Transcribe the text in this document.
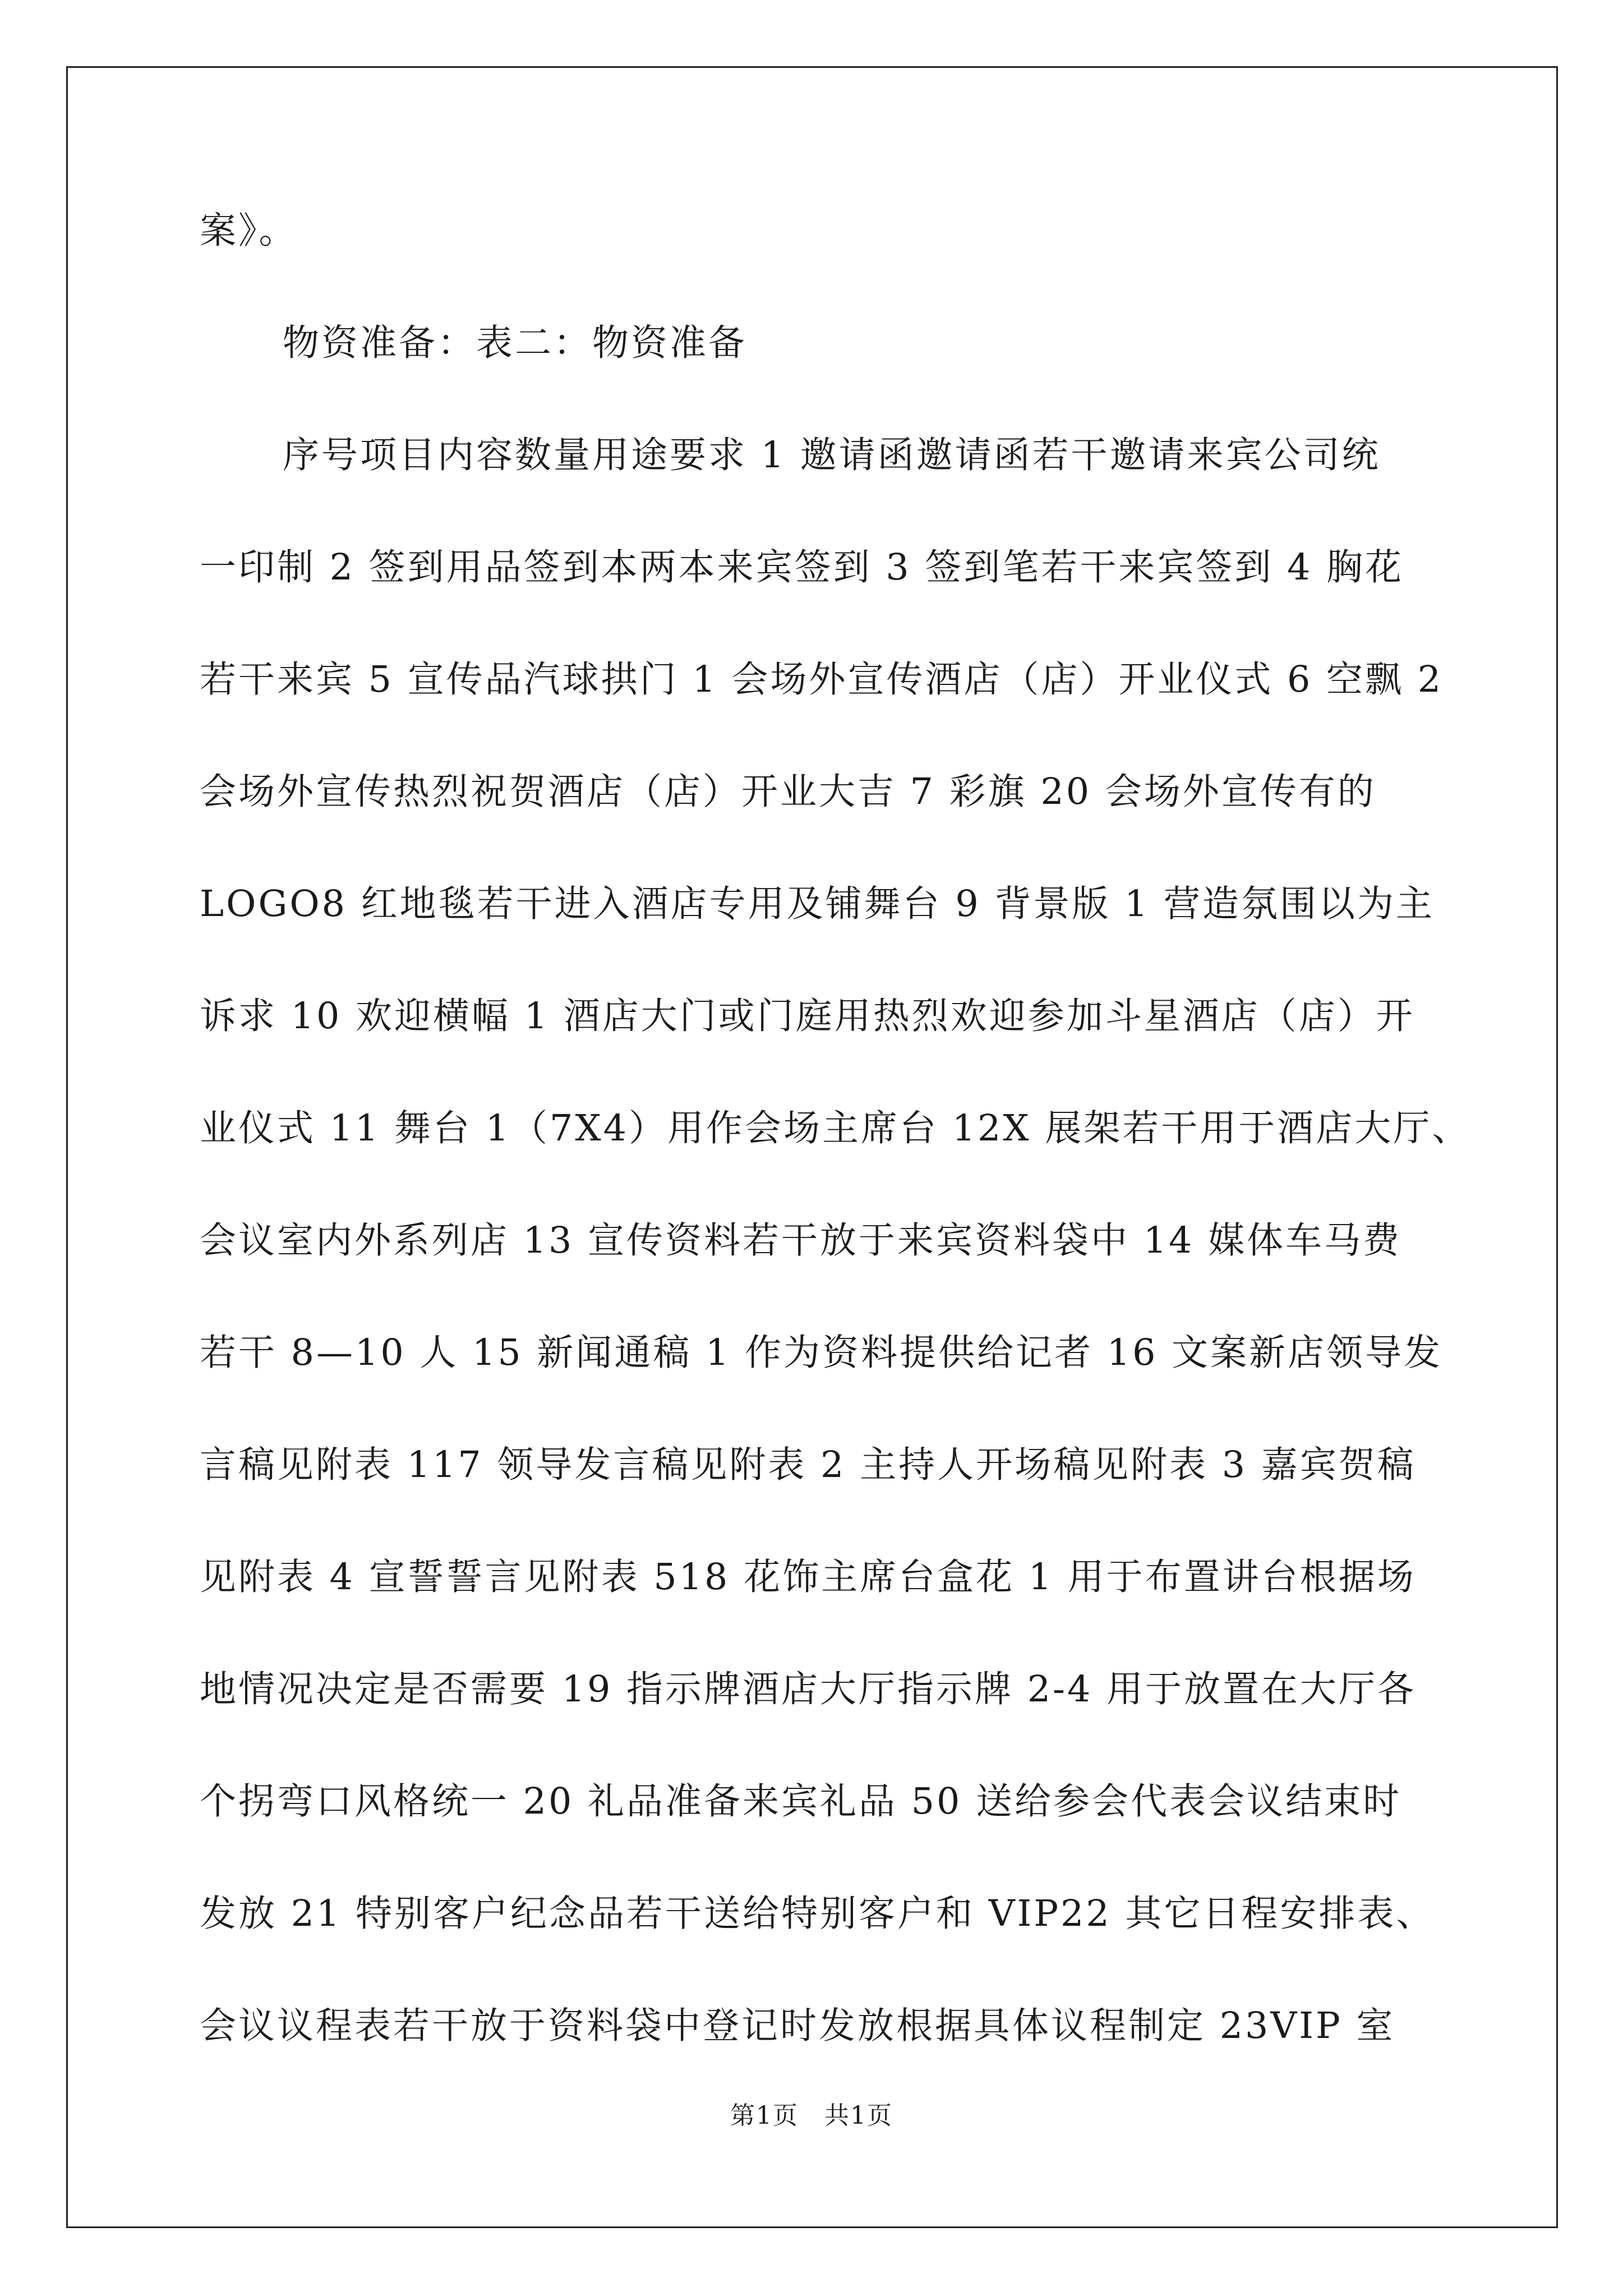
案》。
物资准备：表二：物资准备
序号项目内容数量用途要求 1 邀请函邀请函若干邀请来宾公司统
一印制 2 签到用品签到本两本来宾签到 3 签到笔若干来宾签到 4 胸花
若干来宾 5 宣传品汽球拱门 1 会场外宣传酒店（店）开业仪式 6 空飘 2
会场外宣传热烈祝贺酒店（店）开业大吉 7 彩旗 20 会场外宣传有的
LOGO8 红地毯若干进入酒店专用及铺舞台 9 背景版 1 营造氛围以为主
诉求 10 欢迎横幅 1 酒店大门或门庭用热烈欢迎参加斗星酒店（店）开
业仪式 11 舞台 1（7X4）用作会场主席台 12X 展架若干用于酒店大厅、
会议室内外系列店 13 宣传资料若干放于来宾资料袋中 14 媒体车马费
若干 8—10 人 15 新闻通稿 1 作为资料提供给记者 16 文案新店领导发
言稿见附表 117 领导发言稿见附表 2 主持人开场稿见附表 3 嘉宾贺稿
见附表 4 宣誓誓言见附表 518 花饰主席台盒花 1 用于布置讲台根据场
地情况决定是否需要 19 指示牌酒店大厅指示牌 2-4 用于放置在大厅各
个拐弯口风格统一 20 礼品准备来宾礼品 50 送给参会代表会议结束时
发放 21 特别客户纪念品若干送给特别客户和 VIP22 其它日程安排表、
会议议程表若干放于资料袋中登记时发放根据具体议程制定 23VIP 室
第1页　共1页
